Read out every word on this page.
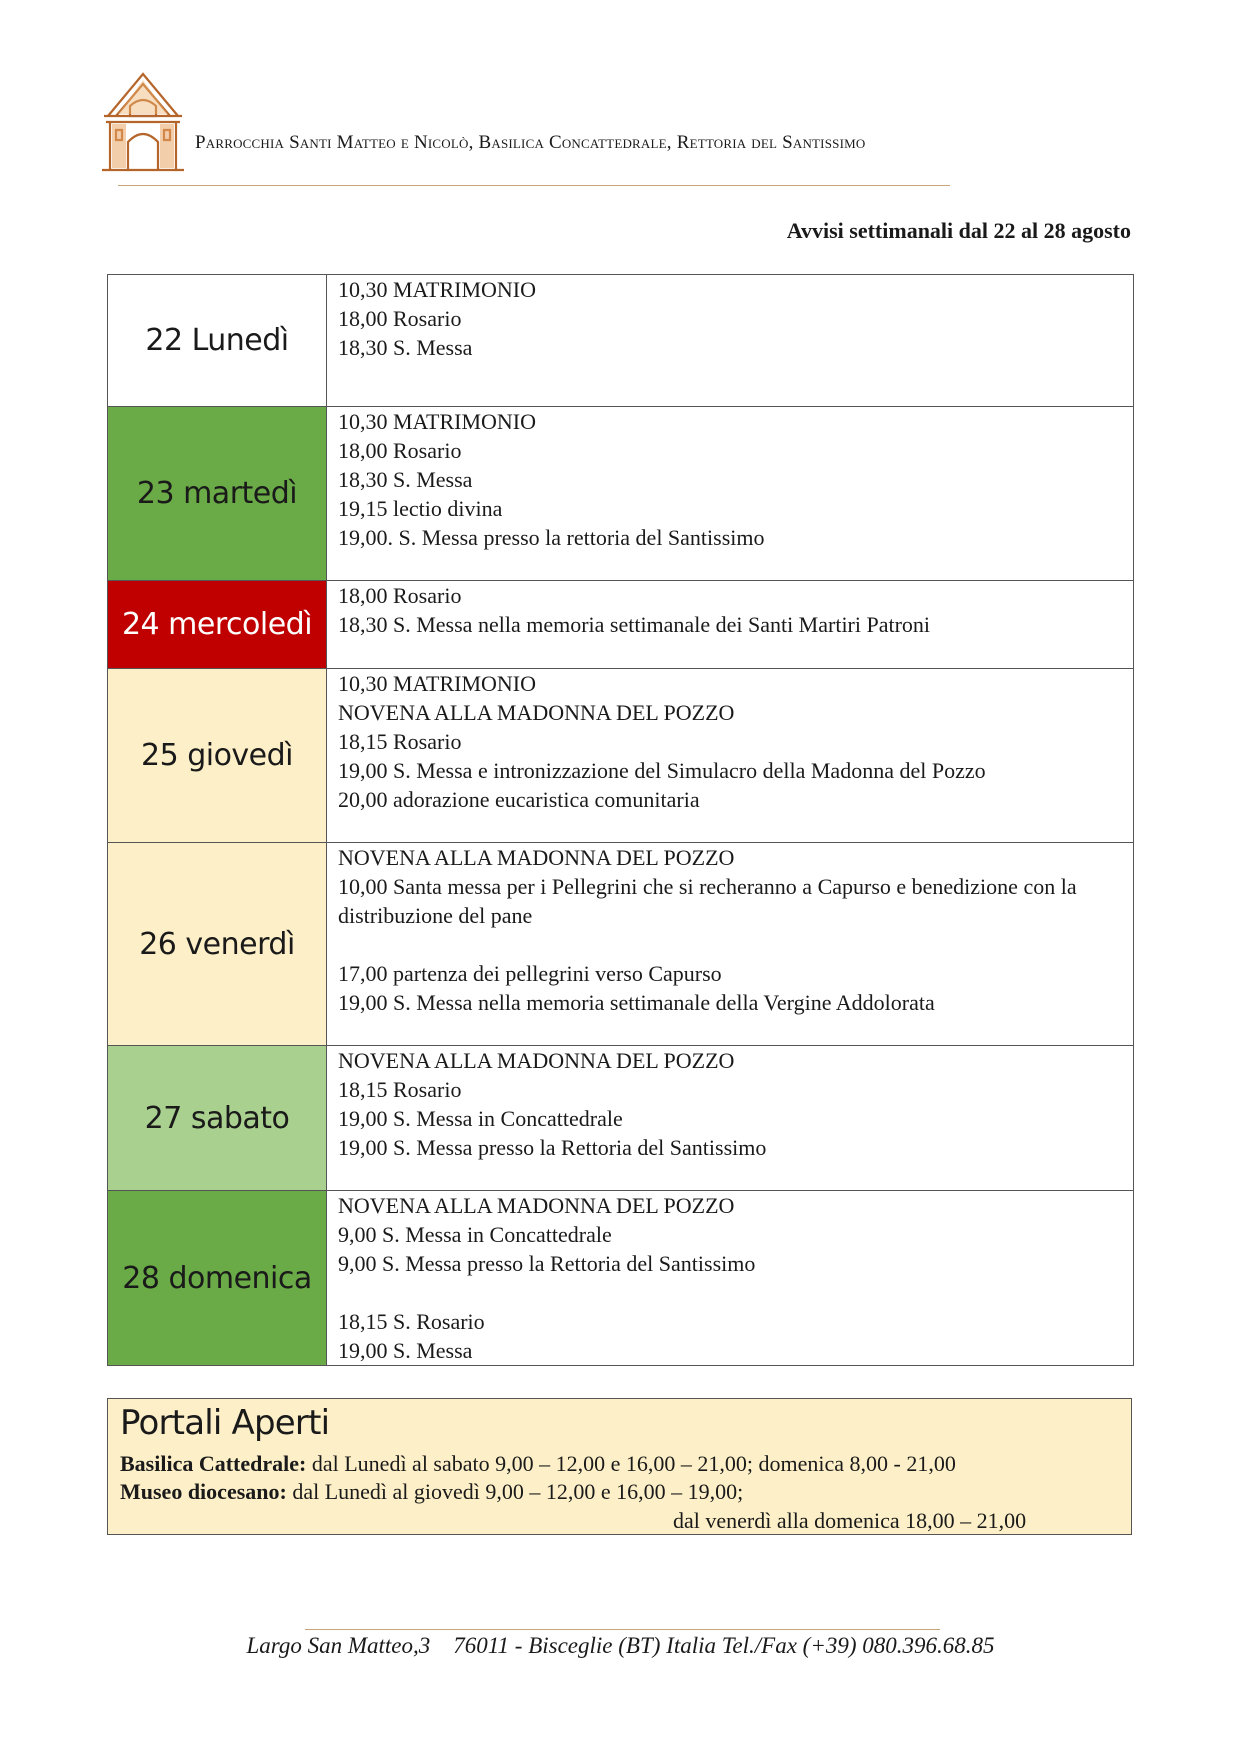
Parrocchia Santi Matteo e Nicolò, Basilica Concattedrale, Rettoria del Santissimo
Avvisi settimanali dal 22 al 28 agosto
22 Lunedì	10,30 MATRIMONIO
18,00 Rosario
18,30 S. Messa

23 martedì	10,30 MATRIMONIO
18,00 Rosario
18,30 S. Messa
19,15 lectio divina
19,00. S. Messa presso la rettoria del Santissimo

24 mercoledì	18,00 Rosario
18,30 S. Messa nella memoria settimanale dei Santi Martiri Patroni

25 giovedì	10,30 MATRIMONIO
NOVENA ALLA MADONNA DEL POZZO
18,15 Rosario
19,00 S. Messa e intronizzazione del Simulacro della Madonna del Pozzo
20,00 adorazione eucaristica comunitaria

26 venerdì	NOVENA ALLA MADONNA DEL POZZO
10,00 Santa messa per i Pellegrini che si recheranno a Capurso e benedizione con la distribuzione del pane
17,00 partenza dei pellegrini verso Capurso
19,00 S. Messa nella memoria settimanale della Vergine Addolorata

27 sabato	NOVENA ALLA MADONNA DEL POZZO
18,15 Rosario
19,00 S. Messa in Concattedrale
19,00 S. Messa presso la Rettoria del Santissimo

28 domenica	NOVENA ALLA MADONNA DEL POZZO
9,00 S. Messa in Concattedrale
9,00 S. Messa presso la Rettoria del Santissimo
18,15 S. Rosario
19,00 S. Messa
Portali Aperti
Basilica Cattedrale: dal Lunedì al sabato 9,00 – 12,00 e 16,00 – 21,00; domenica 8,00 - 21,00
Museo diocesano: dal Lunedì al giovedì 9,00 – 12,00 e 16,00 – 19,00;
dal venerdì alla domenica 18,00 – 21,00
Largo San Matteo,3    76011 - Bisceglie (BT) Italia Tel./Fax (+39) 080.396.68.85
